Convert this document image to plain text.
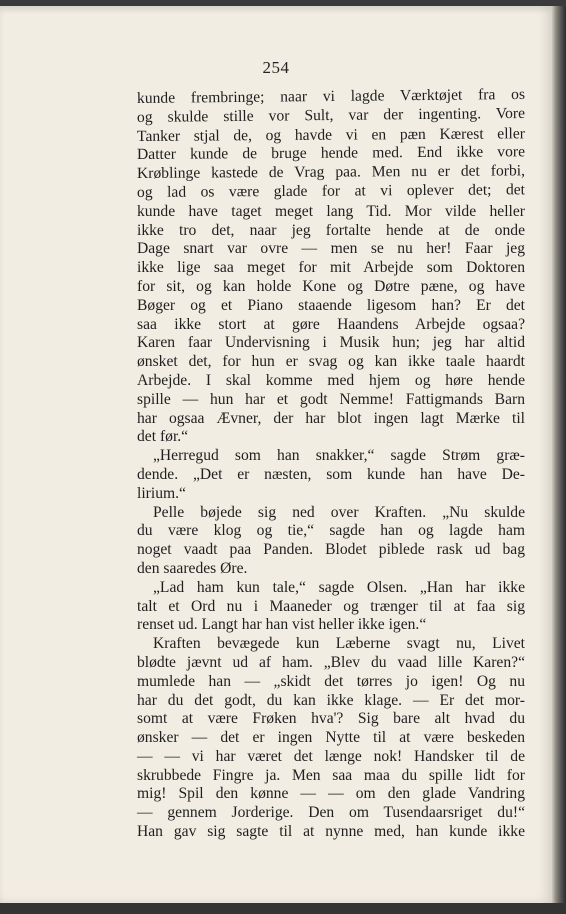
254
kunde frembringe; naar vi lagde Værktøjet fra os
og skulde stille vor Sult, var der ingenting. Vore
Tanker stjal de, og havde vi en pæn Kærest eller
Datter kunde de bruge hende med. End ikke vore
Krøblinge kastede de Vrag paa. Men nu er det forbi,
og lad os være glade for at vi oplever det; det
kunde have taget meget lang Tid. Mor vilde heller
ikke tro det, naar jeg fortalte hende at de onde
Dage snart var ovre — men se nu her! Faar jeg
ikke lige saa meget for mit Arbejde som Doktoren
for sit, og kan holde Kone og Døtre pæne, og have
Bøger og et Piano staaende ligesom han? Er det
saa ikke stort at gøre Haandens Arbejde ogsaa?
Karen faar Undervisning i Musik hun; jeg har altid
ønsket det, for hun er svag og kan ikke taale haardt
Arbejde. I skal komme med hjem og høre hende
spille — hun har et godt Nemme! Fattigmands Barn
har ogsaa Ævner, der har blot ingen lagt Mærke til
det før.“
„Herregud som han snakker,“ sagde Strøm græ-
dende. „Det er næsten, som kunde han have De-
lirium.“
Pelle bøjede sig ned over Kraften. „Nu skulde
du være klog og tie,“ sagde han og lagde ham
noget vaadt paa Panden. Blodet piblede rask ud bag
den saaredes Øre.
„Lad ham kun tale,“ sagde Olsen. „Han har ikke
talt et Ord nu i Maaneder og trænger til at faa sig
renset ud. Langt har han vist heller ikke igen.“
Kraften bevægede kun Læberne svagt nu, Livet
blødte jævnt ud af ham. „Blev du vaad lille Karen?“
mumlede han — „skidt det tørres jo igen! Og nu
har du det godt, du kan ikke klage. — Er det mor-
somt at være Frøken hva'? Sig bare alt hvad du
ønsker — det er ingen Nytte til at være beskeden
— — vi har været det længe nok! Handsker til de
skrubbede Fingre ja. Men saa maa du spille lidt for
mig! Spil den kønne — — om den glade Vandring
— gennem Jorderige. Den om Tusendaarsriget du!“
Han gav sig sagte til at nynne med, han kunde ikke
